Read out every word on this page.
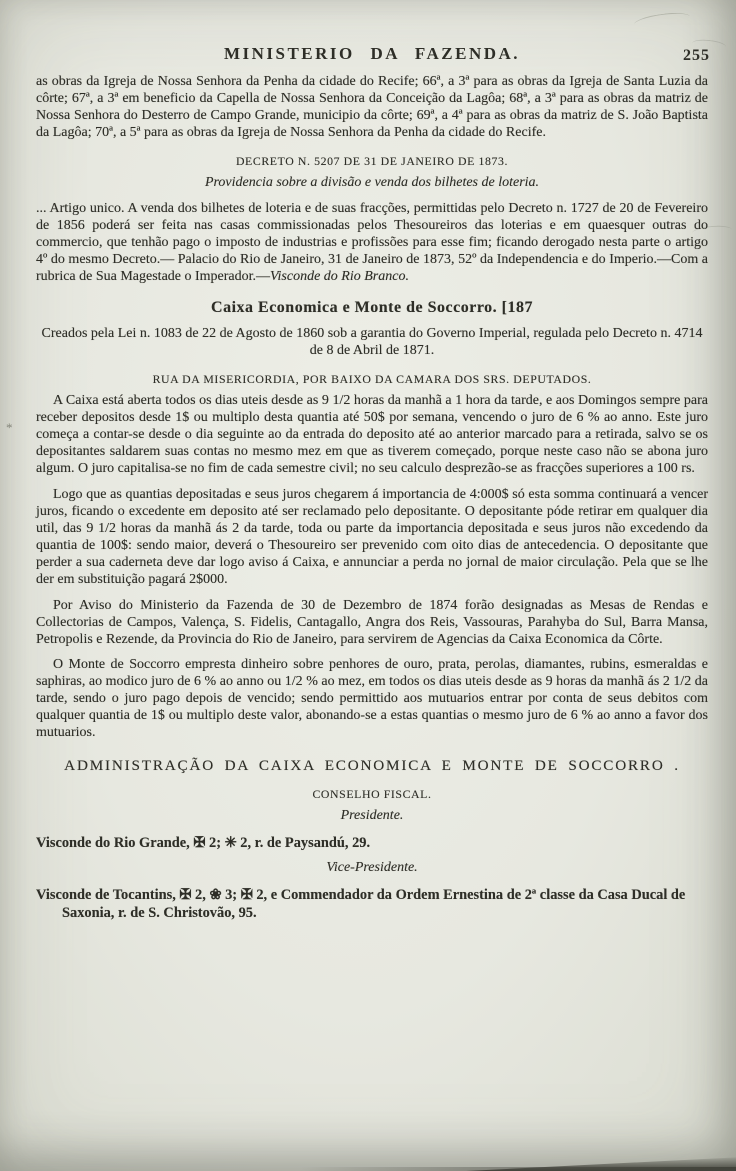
*
MINISTERIO DA FAZENDA.	255

as obras da Igreja de Nossa Senhora da Penha da cidade do Recife; 66ª, a 3ª para as obras da Igreja de Santa Luzia da côrte; 67ª, a 3ª em beneficio da Capella de Nossa Senhora da Conceição da Lagôa; 68ª, a 3ª para as obras da matriz de Nossa Senhora do Desterro de Campo Grande, municipio da côrte; 69ª, a 4ª para as obras da matriz de S. João Baptista da Lagôa; 70ª, a 5ª para as obras da Igreja de Nossa Senhora da Penha da cidade do Recife.

DECRETO N. 5207 DE 31 DE JANEIRO DE 1873.
Providencia sobre a divisão e venda dos bilhetes de loteria.

... Artigo unico. A venda dos bilhetes de loteria e de suas fracções, permittidas pelo Decreto n. 1727 de 20 de Fevereiro de 1856 poderá ser feita nas casas commissionadas pelos Thesoureiros das loterias e em quaesquer outras do commercio, que tenhão pago o imposto de industrias e profissões para esse fim; ficando derogado nesta parte o artigo 4º do mesmo Decreto.— Palacio do Rio de Janeiro, 31 de Janeiro de 1873, 52º da Independencia e do Imperio.—Com a rubrica de Sua Magestade o Imperador.—Visconde do Rio Branco.

Caixa Economica e Monte de Soccorro. [187

Creados pela Lei n. 1083 de 22 de Agosto de 1860 sob a garantia do Governo Imperial, regulada pelo Decreto n. 4714 de 8 de Abril de 1871.

RUA DA MISERICORDIA, POR BAIXO DA CAMARA DOS SRS. DEPUTADOS.

A Caixa está aberta todos os dias uteis desde as 9 1/2 horas da manhã a 1 hora da tarde, e aos Domingos sempre para receber depositos desde 1$ ou multiplo desta quantia até 50$ por semana, vencendo o juro de 6 % ao anno. Este juro começa a contar-se desde o dia seguinte ao da entrada do deposito até ao anterior marcado para a retirada, salvo se os depositantes saldarem suas contas no mesmo mez em que as tiverem começado, porque neste caso não se abona juro algum. O juro capitalisa-se no fim de cada semestre civil; no seu calculo desprezão-se as fracções superiores a 100 rs.

Logo que as quantias depositadas e seus juros chegarem á importancia de 4:000$ só esta somma continuará a vencer juros, ficando o excedente em deposito até ser reclamado pelo depositante. O depositante póde retirar em qualquer dia util, das 9 1/2 horas da manhã ás 2 da tarde, toda ou parte da importancia depositada e seus juros não excedendo da quantia de 100$: sendo maior, deverá o Thesoureiro ser prevenido com oito dias de antecedencia. O depositante que perder a sua caderneta deve dar logo aviso á Caixa, e annunciar a perda no jornal de maior circulação. Pela que se lhe der em substituição pagará 2$000.

Por Aviso do Ministerio da Fazenda de 30 de Dezembro de 1874 forão designadas as Mesas de Rendas e Collectorias de Campos, Valença, S. Fidelis, Cantagallo, Angra dos Reis, Vassouras, Parahyba do Sul, Barra Mansa, Petropolis e Rezende, da Provincia do Rio de Janeiro, para servirem de Agencias da Caixa Economica da Côrte.

O Monte de Soccorro empresta dinheiro sobre penhores de ouro, prata, perolas, diamantes, rubins, esmeraldas e saphiras, ao modico juro de 6 % ao anno ou 1/2 % ao mez, em todos os dias uteis desde as 9 horas da manhã ás 2 1/2 da tarde, sendo o juro pago depois de vencido; sendo permittido aos mutuarios entrar por conta de seus debitos com qualquer quantia de 1$ ou multiplo deste valor, abonando-se a estas quantias o mesmo juro de 6 % ao anno a favor dos mutuarios.

ADMINISTRAÇÃO DA CAIXA ECONOMICA E MONTE DE SOCCORRO .
CONSELHO FISCAL.
Presidente.

Visconde do Rio Grande, ✠ 2; ✳ 2, r. de Paysandú, 29.

Vice-Presidente.

Visconde de Tocantins, ✠ 2, ❀ 3; ✠ 2, e Commendador da Ordem Ernestina de 2ª classe da Casa Ducal de Saxonia, r. de S. Christovão, 95.
